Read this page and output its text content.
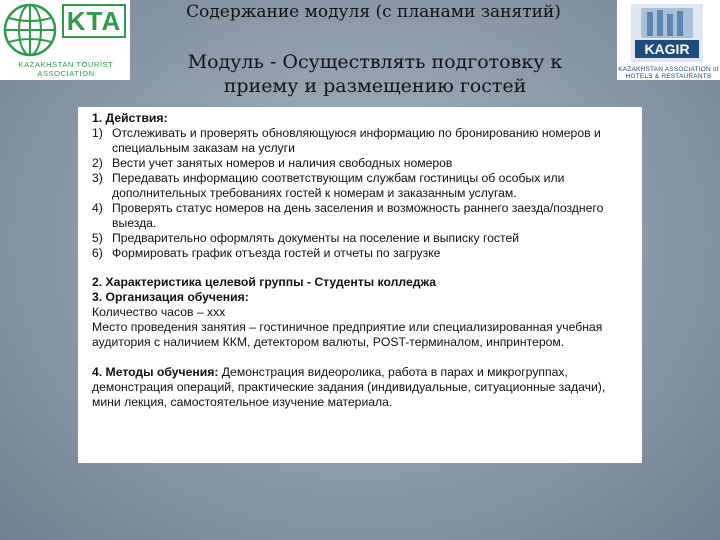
KTA
KAZAKHSTAN TOURIST ASSOCIATION
Содержание модуля (с планами занятий)
KAGIR
KAZAKHSTAN ASSOCIATION of HOTELS & RESTAURANTS
Модуль - Осуществлять подготовку к приему и размещению гостей

1. Действия:

1) Отслеживать и проверять обновляющуюся информацию по бронированию номеров и специальным заказам на услуги
2) Вести учет занятых номеров и наличия свободных номеров
3) Передавать информацию соответствующим службам гостиницы об особых или дополнительных требованиях гостей к номерам и заказанным услугам.
4) Проверять статус номеров на день заселения и возможность раннего заезда/позднего выезда.
5) Предварительно оформлять документы на поселение и выписку гостей
6) Формировать график отъезда гостей и отчеты по загрузке

2. Характеристика целевой группы - Студенты колледжа

3. Организация обучения:

Количество часов – ххх

Место проведения занятия – гостиничное предприятие или специализированная учебная аудитория с наличием ККМ, детектором валюты, POST-терминалом, инпринтером.

4. Методы обучения: Демонстрация видеоролика, работа в парах и микрогруппах, демонстрация операций, практические задания (индивидуальные, ситуационные задачи), мини лекция, самостоятельное изучение материала.
